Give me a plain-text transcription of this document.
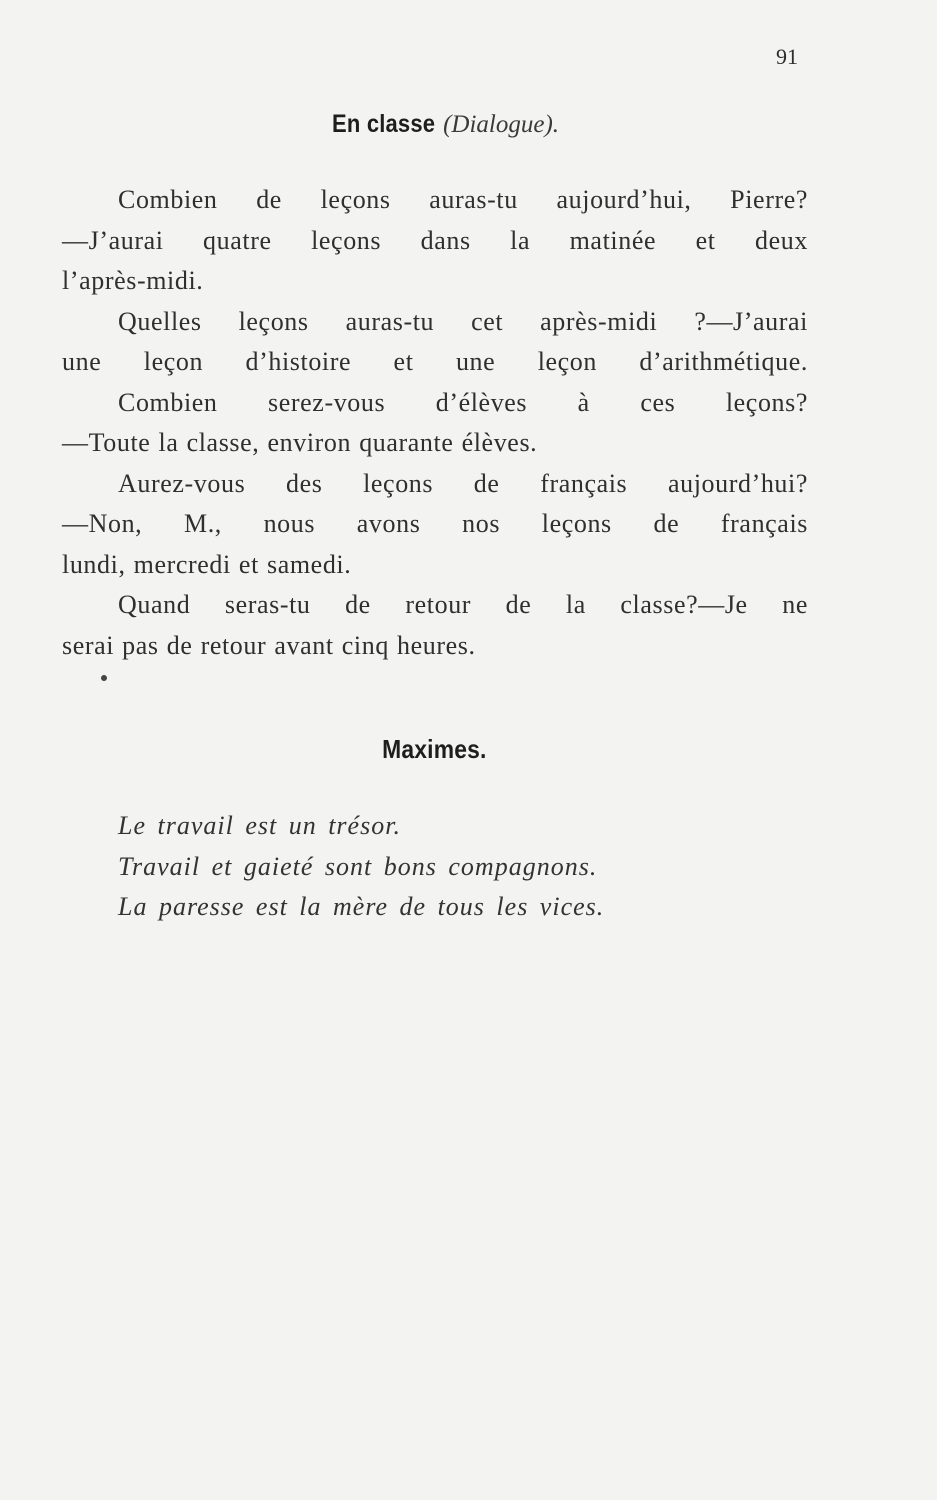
91
En classe (Dialogue).
Combien de leçons auras-tu aujourd’hui, Pierre?
—J’aurai quatre leçons dans la matinée et deux
l’après-midi.
Quelles leçons auras-tu cet après-midi ?—J’aurai
une leçon d’histoire et une leçon d’arithmétique.
Combien serez-vous d’élèves à ces leçons?
—Toute la classe, environ quarante élèves.
Aurez-vous des leçons de français aujourd’hui?
—Non, M., nous avons nos leçons de français
lundi, mercredi et samedi.
Quand seras-tu de retour de la classe?—Je ne
serai pas de retour avant cinq heures.
Maximes.
Le travail est un trésor.
Travail et gaieté sont bons compagnons.
La paresse est la mère de tous les vices.
